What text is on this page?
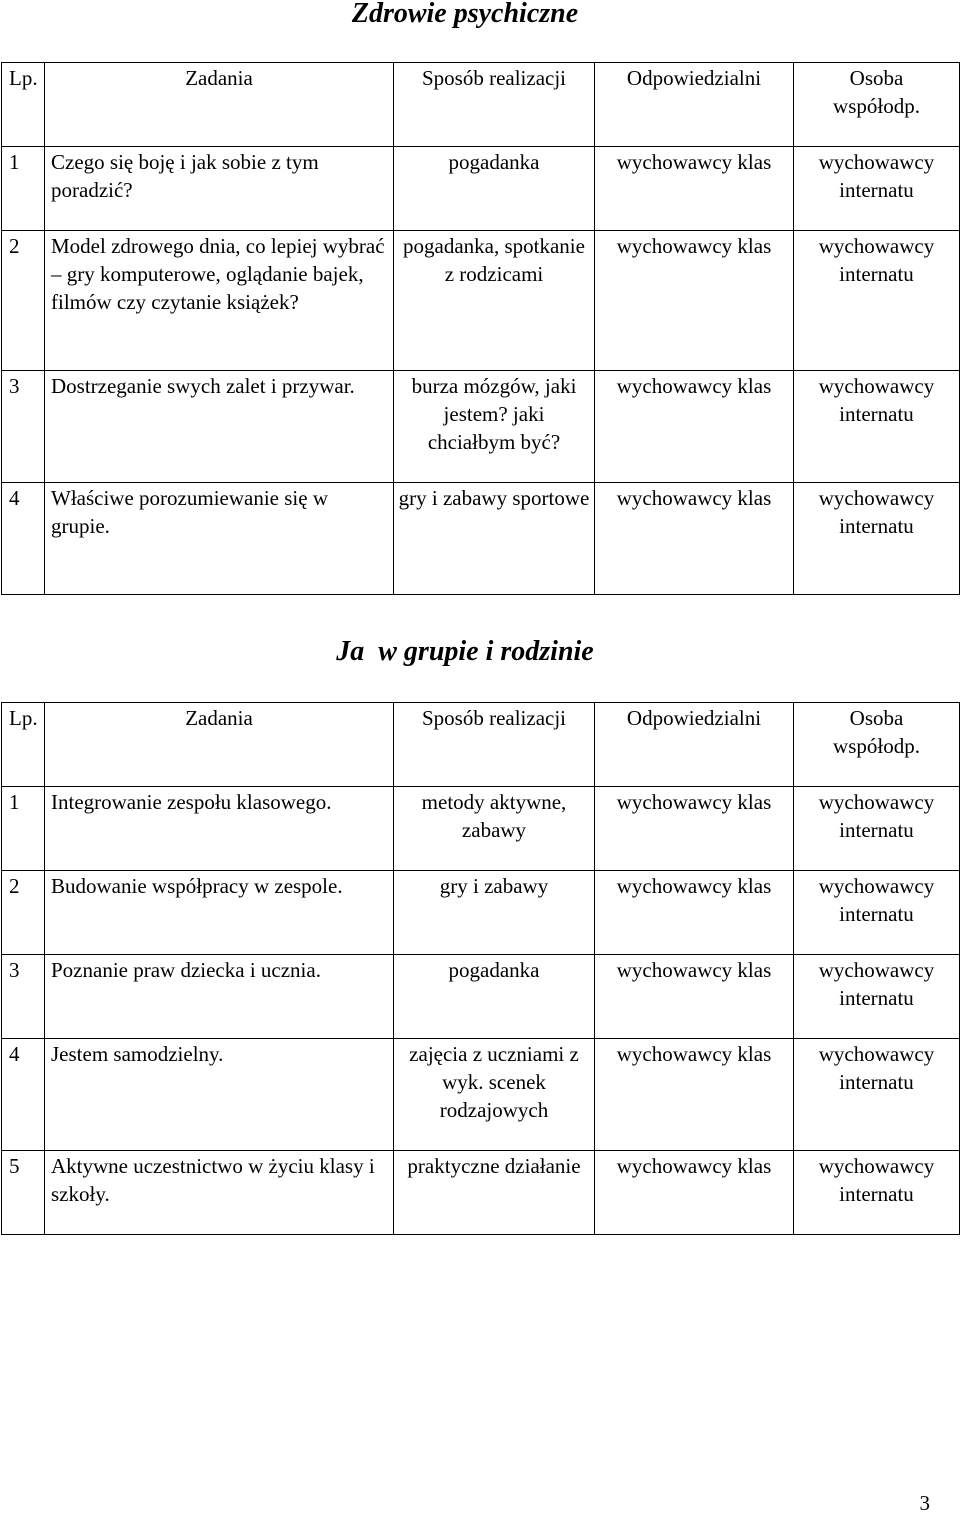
Zdrowie psychiczne
Lp.	Zadania	Sposób realizacji	Odpowiedzialni	Osoba
współodp.

1	Czego się boję i jak sobie z tym poradzić?	pogadanka	wychowawcy klas	wychowawcy
internatu

2	Model zdrowego dnia, co lepiej wybrać – gry komputerowe, oglądanie bajek, filmów czy czytanie książek?	pogadanka, spotkanie z rodzicami	wychowawcy klas	wychowawcy
internatu

3	Dostrzeganie swych zalet i przywar.	burza mózgów, jaki jestem? jaki chciałbym być?	wychowawcy klas	wychowawcy
internatu

4	Właściwe porozumiewanie się w grupie.	gry i zabawy sportowe	wychowawcy klas	wychowawcy
internatu
Ja  w grupie i rodzinie
Lp.	Zadania	Sposób realizacji	Odpowiedzialni	Osoba
współodp.

1	Integrowanie zespołu klasowego.	metody aktywne, zabawy	wychowawcy klas	wychowawcy
internatu

2	Budowanie współpracy w zespole.	gry i zabawy	wychowawcy klas	wychowawcy
internatu

3	Poznanie praw dziecka i ucznia.	pogadanka	wychowawcy klas	wychowawcy
internatu

4	Jestem samodzielny.	zajęcia z uczniami z wyk. scenek rodzajowych	wychowawcy klas	wychowawcy
internatu

5	Aktywne uczestnictwo w życiu klasy i szkoły.	praktyczne działanie	wychowawcy klas	wychowawcy
internatu
3
